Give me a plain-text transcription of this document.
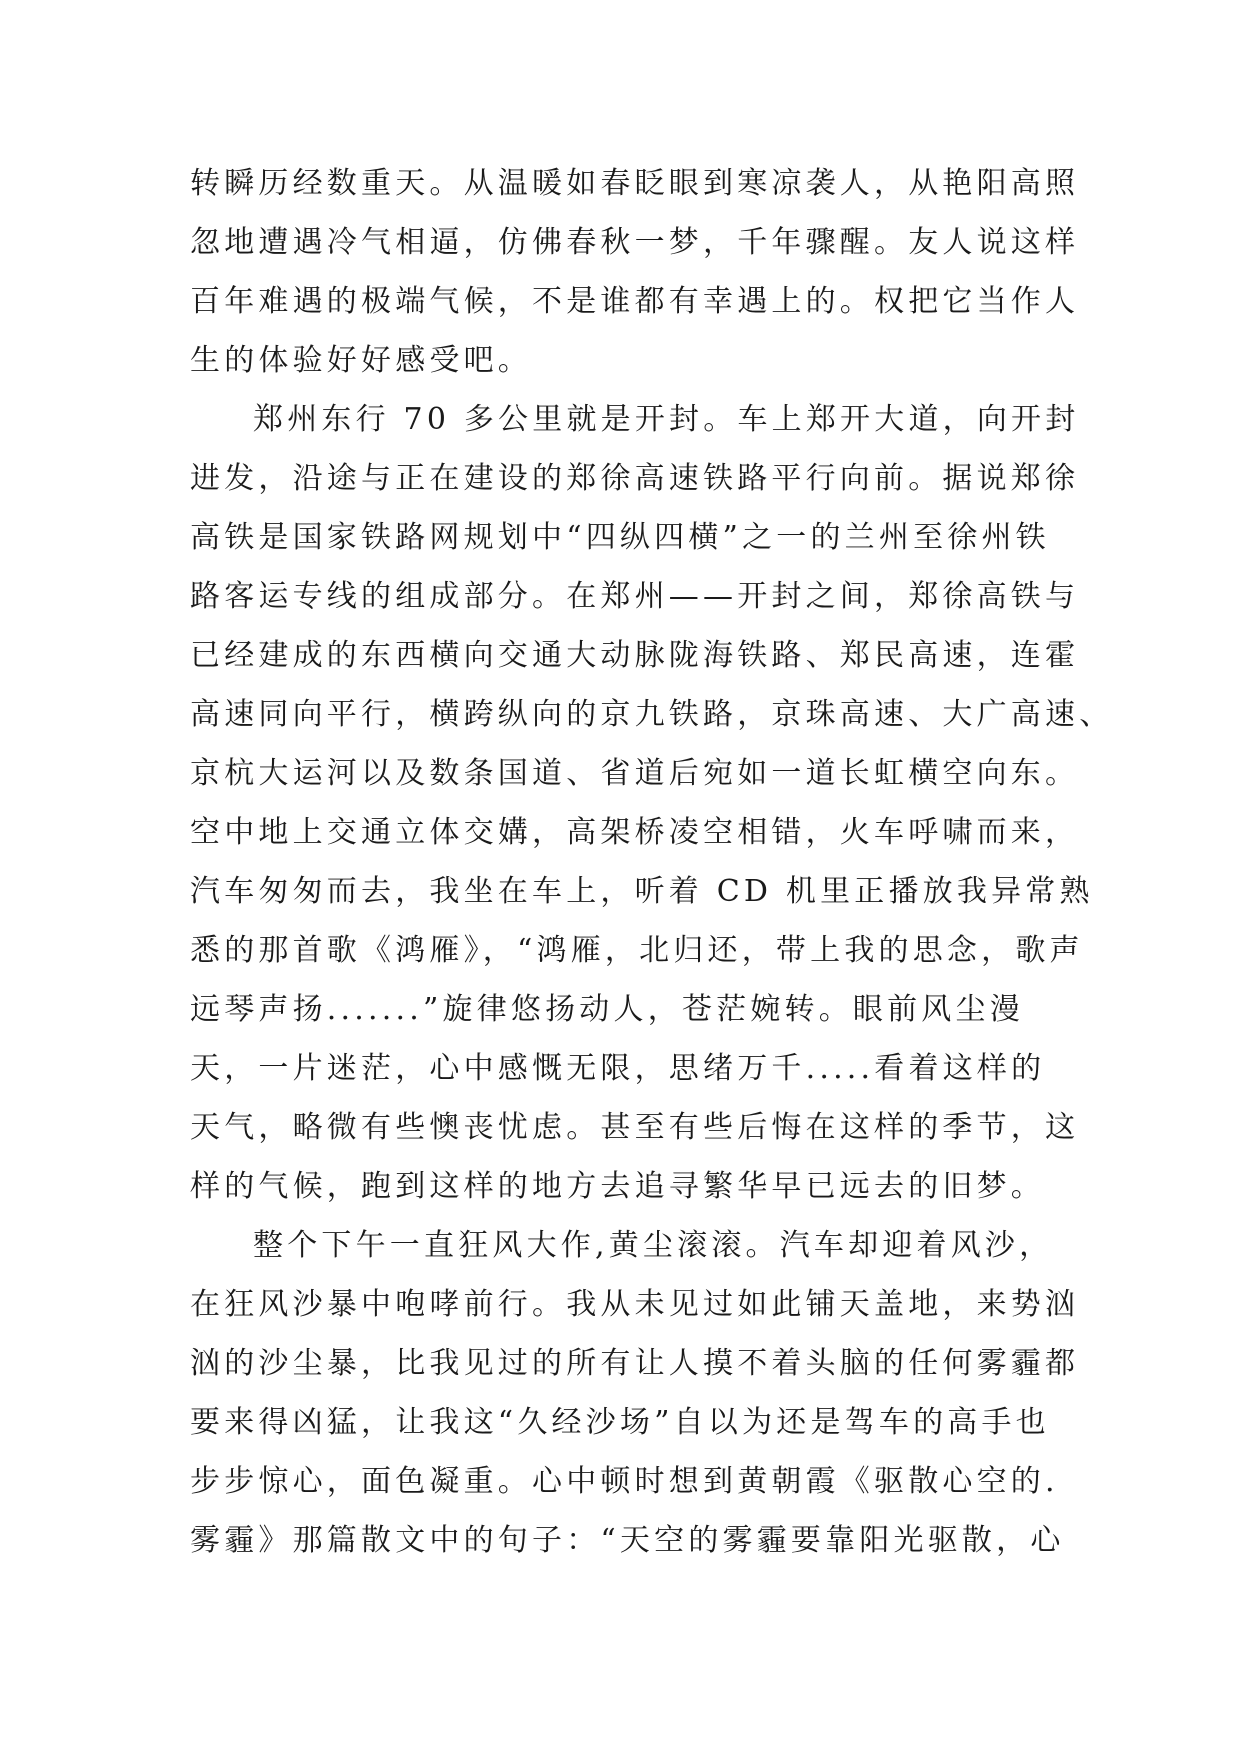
转瞬历经数重天。从温暖如春眨眼到寒凉袭人，从艳阳高照
忽地遭遇冷气相逼，仿佛春秋一梦，千年骤醒。友人说这样
百年难遇的极端气候，不是谁都有幸遇上的。权把它当作人
生的体验好好感受吧。
郑州东行 70 多公里就是开封。车上郑开大道，向开封
进发，沿途与正在建设的郑徐高速铁路平行向前。据说郑徐
高铁是国家铁路网规划中“四纵四横”之一的兰州至徐州铁
路客运专线的组成部分。在郑州——开封之间，郑徐高铁与
已经建成的东西横向交通大动脉陇海铁路、郑民高速，连霍
高速同向平行，横跨纵向的京九铁路，京珠高速、大广高速、
京杭大运河以及数条国道、省道后宛如一道长虹横空向东。
空中地上交通立体交媾，高架桥凌空相错，火车呼啸而来，
汽车匆匆而去，我坐在车上，听着 CD 机里正播放我异常熟
悉的那首歌《鸿雁》，“鸿雁，北归还，带上我的思念，歌声
远琴声扬.......”旋律悠扬动人，苍茫婉转。眼前风尘漫
天，一片迷茫，心中感慨无限，思绪万千.....看着这样的
天气，略微有些懊丧忧虑。甚至有些后悔在这样的季节，这
样的气候，跑到这样的地方去追寻繁华早已远去的旧梦。
整个下午一直狂风大作,黄尘滚滚。汽车却迎着风沙，
在狂风沙暴中咆哮前行。我从未见过如此铺天盖地，来势汹
汹的沙尘暴，比我见过的所有让人摸不着头脑的任何雾霾都
要来得凶猛，让我这“久经沙场”自以为还是驾车的高手也
步步惊心，面色凝重。心中顿时想到黄朝霞《驱散心空的.
雾霾》那篇散文中的句子：“天空的雾霾要靠阳光驱散，心
